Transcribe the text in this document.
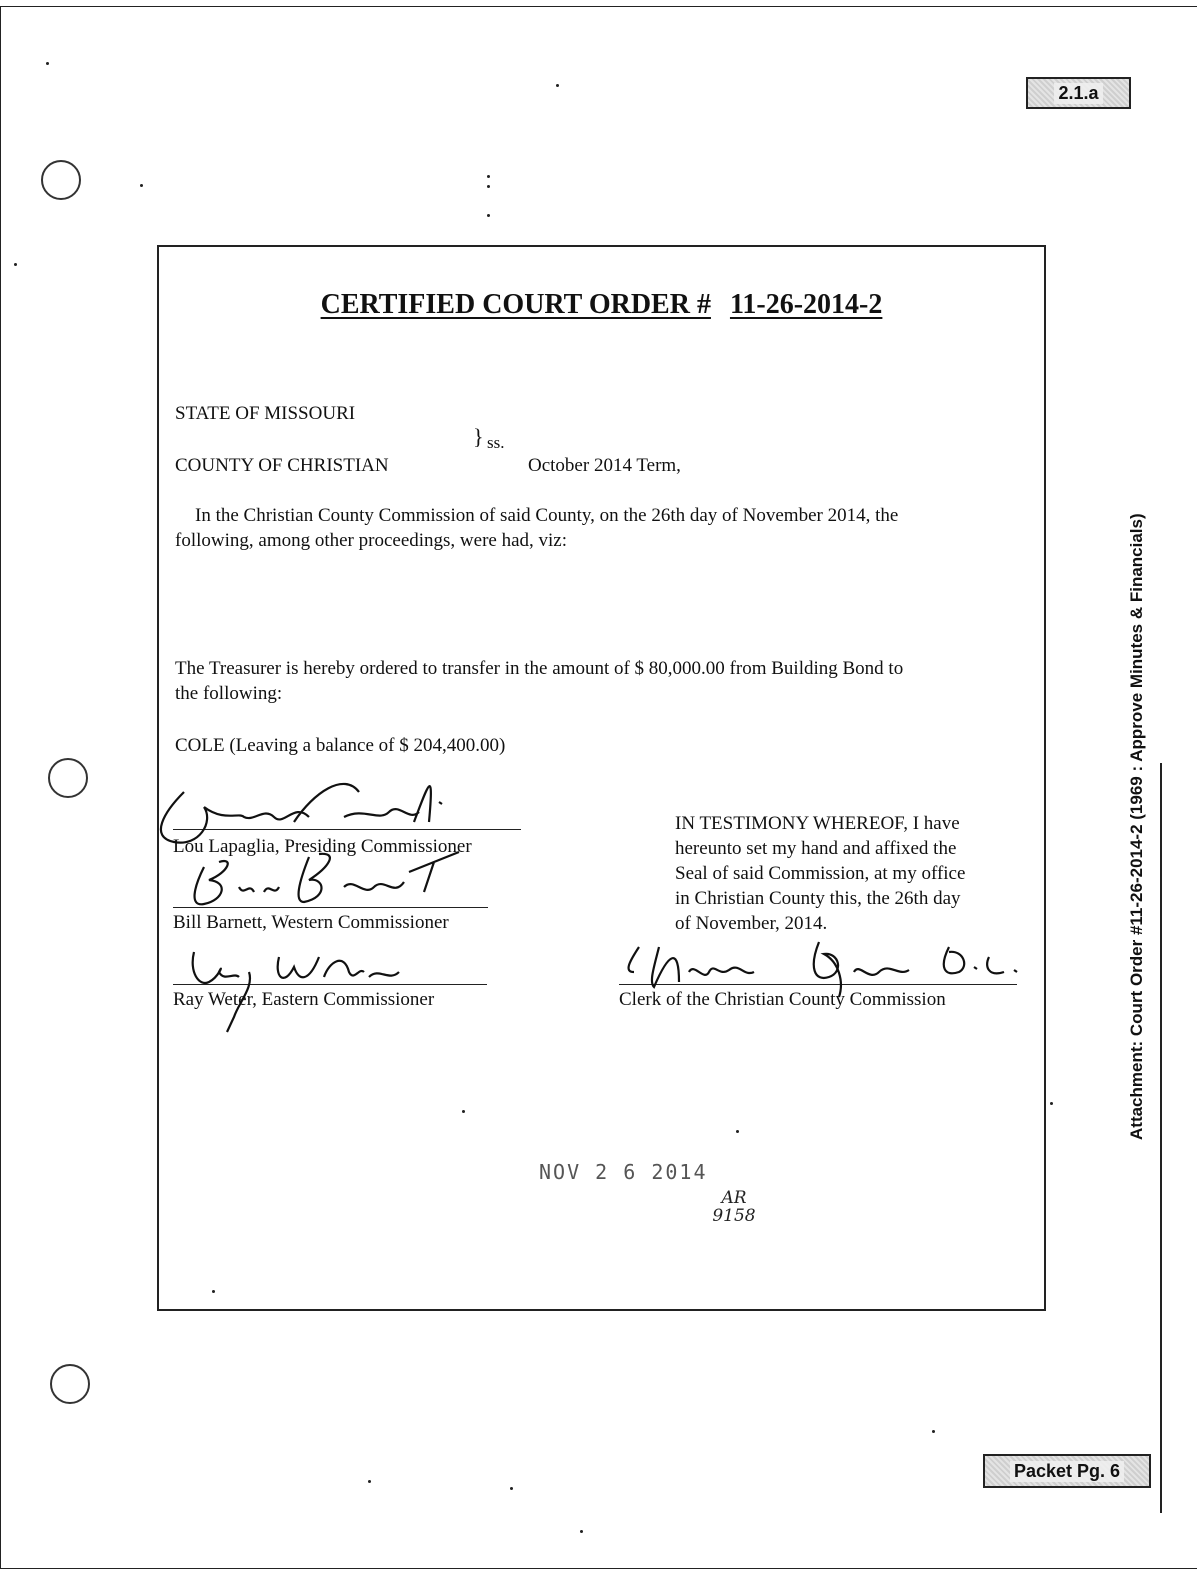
2.1.a
Packet Pg. 6
Attachment: Court Order #11-26-2014-2 (1969 : Approve Minutes & Financials)
CERTIFIED COURT ORDER # 11-26-2014-2
STATE OF MISSOURI
} ss.
COUNTY OF CHRISTIAN	October 2014 Term,
In the Christian County Commission of said County, on the 26th day of November 2014, the
following, among other proceedings, were had, viz:
The Treasurer is hereby ordered to transfer in the amount of $ 80,000.00 from Building Bond to
the following:
COLE (Leaving a balance of $ 204,400.00)
Lou Lapaglia, Presiding Commissioner
Bill Barnett, Western Commissioner
Ray Weter, Eastern Commissioner
IN TESTIMONY WHEREOF, I have
hereunto set my hand and affixed the
Seal of said Commission, at my office
in Christian County this, the 26th day
of November, 2014.
Clerk of the Christian County Commission
NOV 2 6 2014
AR
9158
